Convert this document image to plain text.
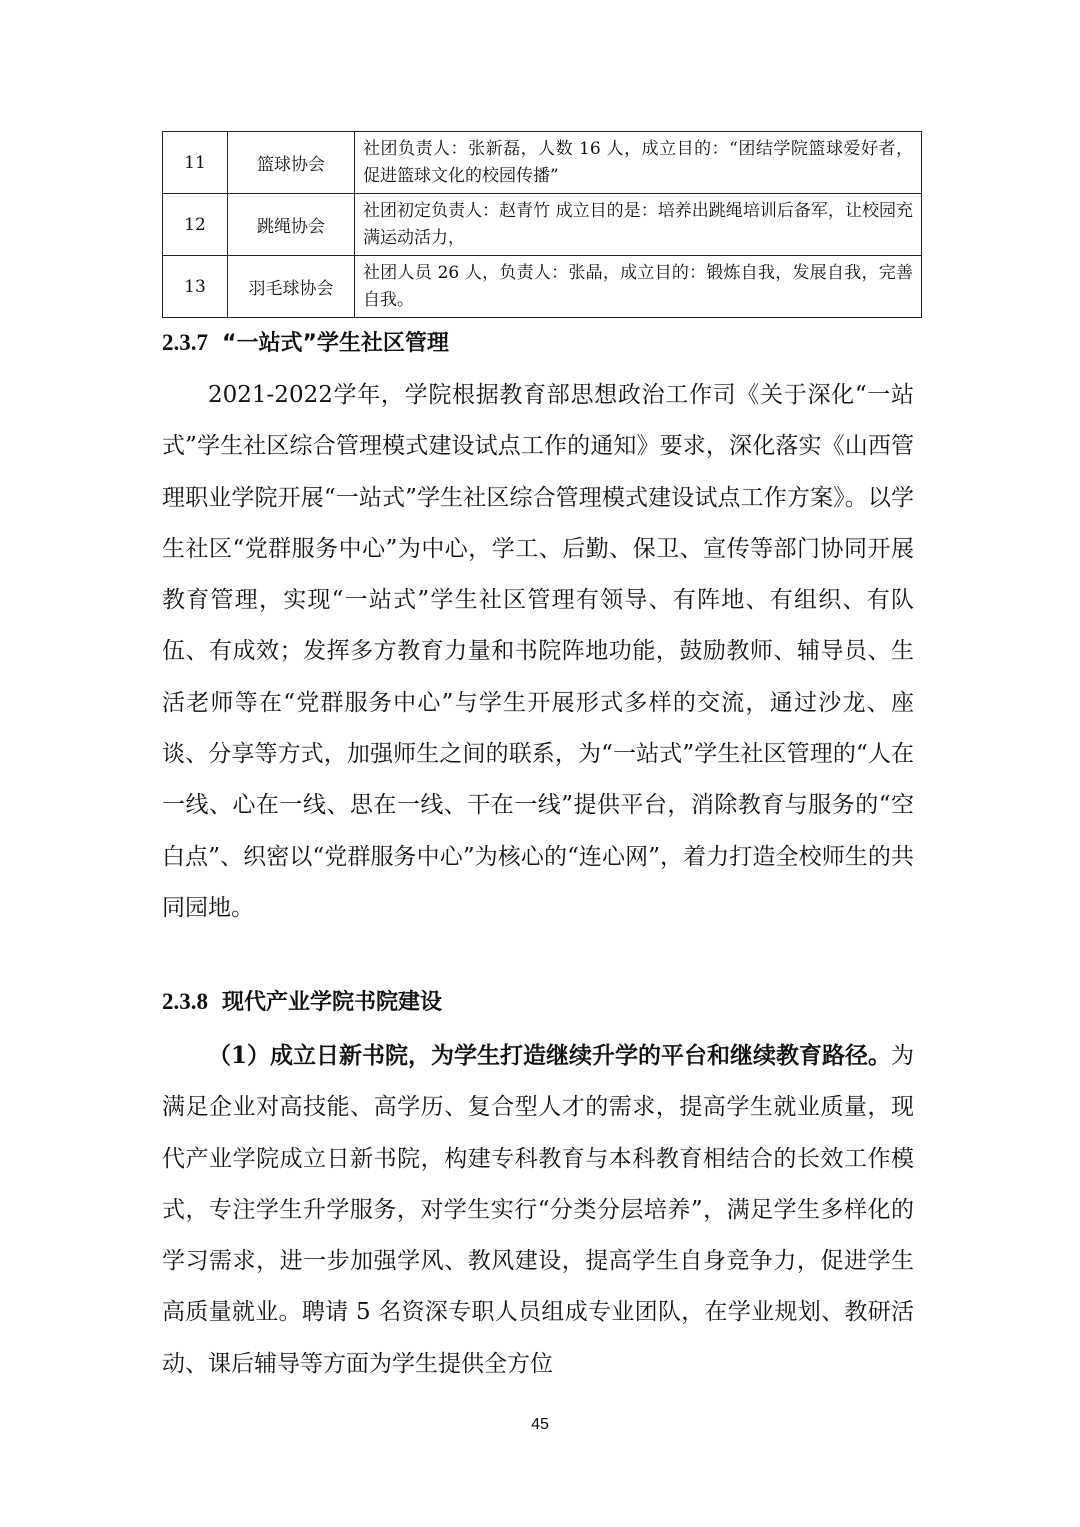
11	篮球协会	社团负责人：张新磊，人数 16 人，成立目的：“团结学院篮球爱好者，促进篮球文化的校园传播”
12	跳绳协会	社团初定负责人：赵青竹 成立目的是：培养出跳绳培训后备军，让校园充满运动活力，
13	羽毛球协会	社团人员 26 人，负责人：张晶，成立目的：锻炼自我，发展自我，完善自我。
2.3.7 “一站式”学生社区管理

2021-2022学年，学院根据教育部思想政治工作司《关于深化“一站式”学生社区综合管理模式建设试点工作的通知》要求，深化落实《山西管理职业学院开展“一站式”学生社区综合管理模式建设试点工作方案》。以学生社区“党群服务中心”为中心，学工、后勤、保卫、宣传等部门协同开展教育管理，实现“一站式”学生社区管理有领导、有阵地、有组织、有队伍、有成效；发挥多方教育力量和书院阵地功能，鼓励教师、辅导员、生活老师等在“党群服务中心”与学生开展形式多样的交流，通过沙龙、座谈、分享等方式，加强师生之间的联系，为“一站式”学生社区管理的“人在一线、心在一线、思在一线、干在一线”提供平台，消除教育与服务的“空白点”、织密以“党群服务中心”为核心的“连心网”，着力打造全校师生的共同园地。

2.3.8 现代产业学院书院建设

（1）成立日新书院，为学生打造继续升学的平台和继续教育路径。为满足企业对高技能、高学历、复合型人才的需求，提高学生就业质量，现代产业学院成立日新书院，构建专科教育与本科教育相结合的长效工作模式，专注学生升学服务，对学生实行“分类分层培养”，满足学生多样化的学习需求，进一步加强学风、教风建设，提高学生自身竞争力，促进学生高质量就业。聘请 5 名资深专职人员组成专业团队，在学业规划、教研活动、课后辅导等方面为学生提供全方位

45
